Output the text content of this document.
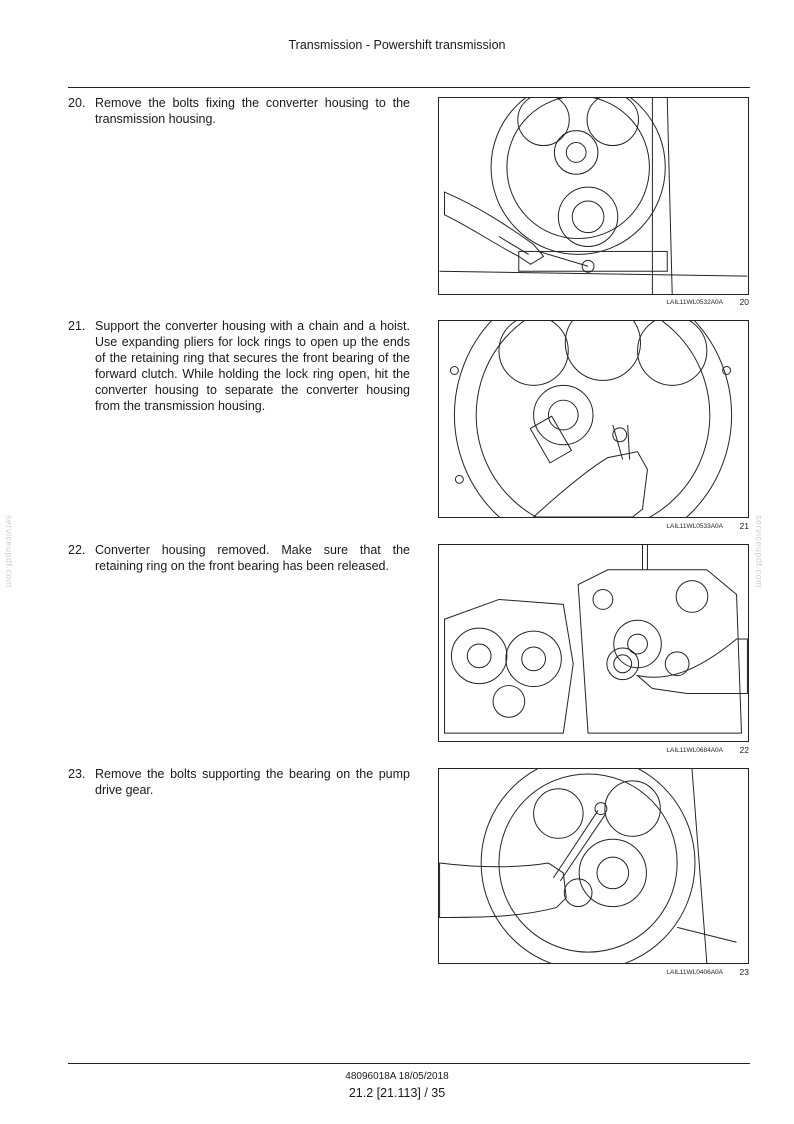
Transmission - Powershift transmission
20. Remove the bolts fixing the converter housing to the transmission housing.
LAIL11WL0532A0A 20
21. Support the converter housing with a chain and a hoist. Use expanding pliers for lock rings to open up the ends of the retaining ring that secures the front bearing of the forward clutch. While holding the lock ring open, hit the converter housing to separate the converter housing from the transmission housing.
LAIL11WL0533A0A 21
22. Converter housing removed. Make sure that the retaining ring on the front bearing has been released.
LAIL11WL0684A0A 22
23. Remove the bolts supporting the bearing on the pump drive gear.
LAIL11WL0406A0A 23
serviceupdf.com	serviceupdf.com
48096018A 18/05/2018
21.2 [21.113] / 35
